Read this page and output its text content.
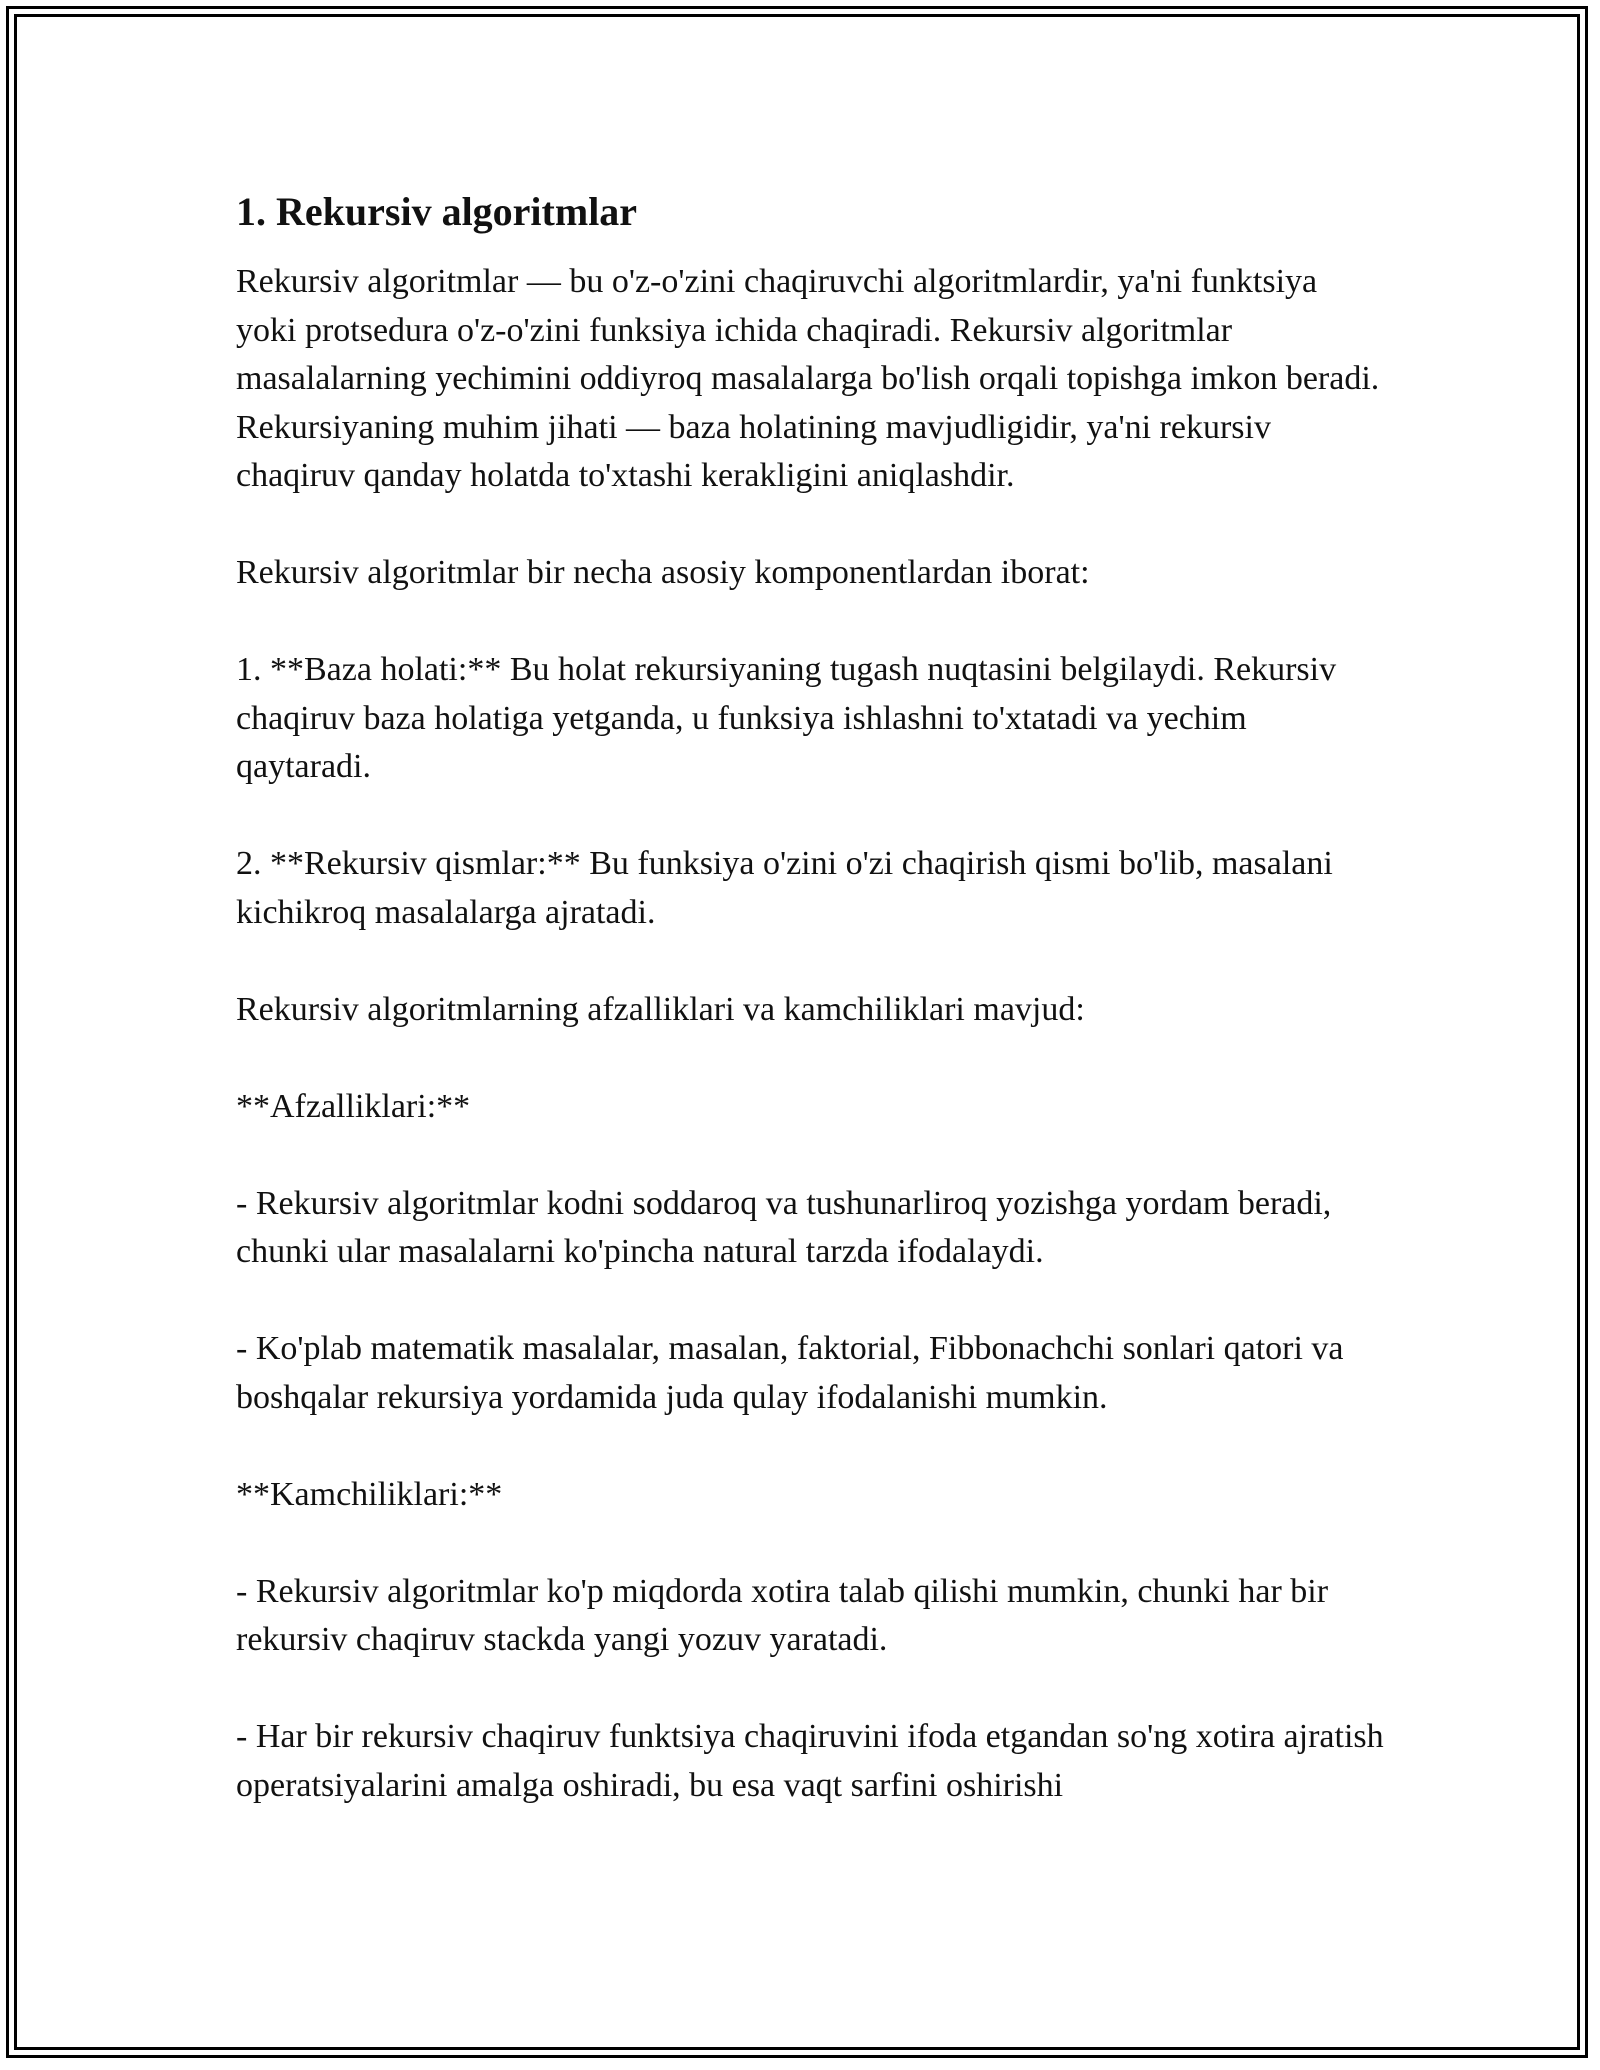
1. Rekursiv algoritmlar

Rekursiv algoritmlar — bu o'z-o'zini chaqiruvchi algoritmlardir, ya'ni funktsiya yoki protsedura o'z-o'zini funksiya ichida chaqiradi. Rekursiv algoritmlar masalalarning yechimini oddiyroq masalalarga bo'lish orqali topishga imkon beradi. Rekursiyaning muhim jihati — baza holatining mavjudligidir, ya'ni rekursiv chaqiruv qanday holatda to'xtashi kerakligini aniqlashdir.

Rekursiv algoritmlar bir necha asosiy komponentlardan iborat:

1. **Baza holati:** Bu holat rekursiyaning tugash nuqtasini belgilaydi. Rekursiv chaqiruv baza holatiga yetganda, u funksiya ishlashni to'xtatadi va yechim qaytaradi.

2. **Rekursiv qismlar:** Bu funksiya o'zini o'zi chaqirish qismi bo'lib, masalani kichikroq masalalarga ajratadi.

Rekursiv algoritmlarning afzalliklari va kamchiliklari mavjud:

**Afzalliklari:**

- Rekursiv algoritmlar kodni soddaroq va tushunarliroq yozishga yordam beradi, chunki ular masalalarni ko'pincha natural tarzda ifodalaydi.

- Ko'plab matematik masalalar, masalan, faktorial, Fibbonachchi sonlari qatori va boshqalar rekursiya yordamida juda qulay ifodalanishi mumkin.

**Kamchiliklari:**

- Rekursiv algoritmlar ko'p miqdorda xotira talab qilishi mumkin, chunki har bir rekursiv chaqiruv stackda yangi yozuv yaratadi.

- Har bir rekursiv chaqiruv funktsiya chaqiruvini ifoda etgandan so'ng xotira ajratish operatsiyalarini amalga oshiradi, bu esa vaqt sarfini oshirishi
